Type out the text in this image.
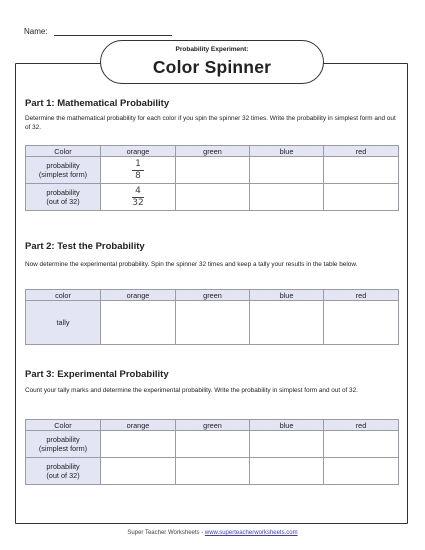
Name:
Probability Experiment:
Color Spinner
Part 1: Mathematical Probability
Determine the mathematical probability for each color if you spin the spinner 32 times. Write the probability in simplest form and out of 32.
Color	orange	green	blue	red
probability
(simplest form)	$\frac{1}{8}$

probability
(out of 32)	$\frac{4}{32}$

Part 2: Test the Probability
Now determine the experimental probability. Spin the spinner 32 times and keep a tally your results in the table below.
color	orange	green	blue	red
tally				
Part 3: Experimental Probability
Count your tally marks and determine the experimental probability. Write the probability in simplest form and out of 32.
Color	orange	green	blue	red
probability
(simplest form)				
probability
(out of 32)				
Super Teacher Worksheets - www.superteacherworksheets.com
